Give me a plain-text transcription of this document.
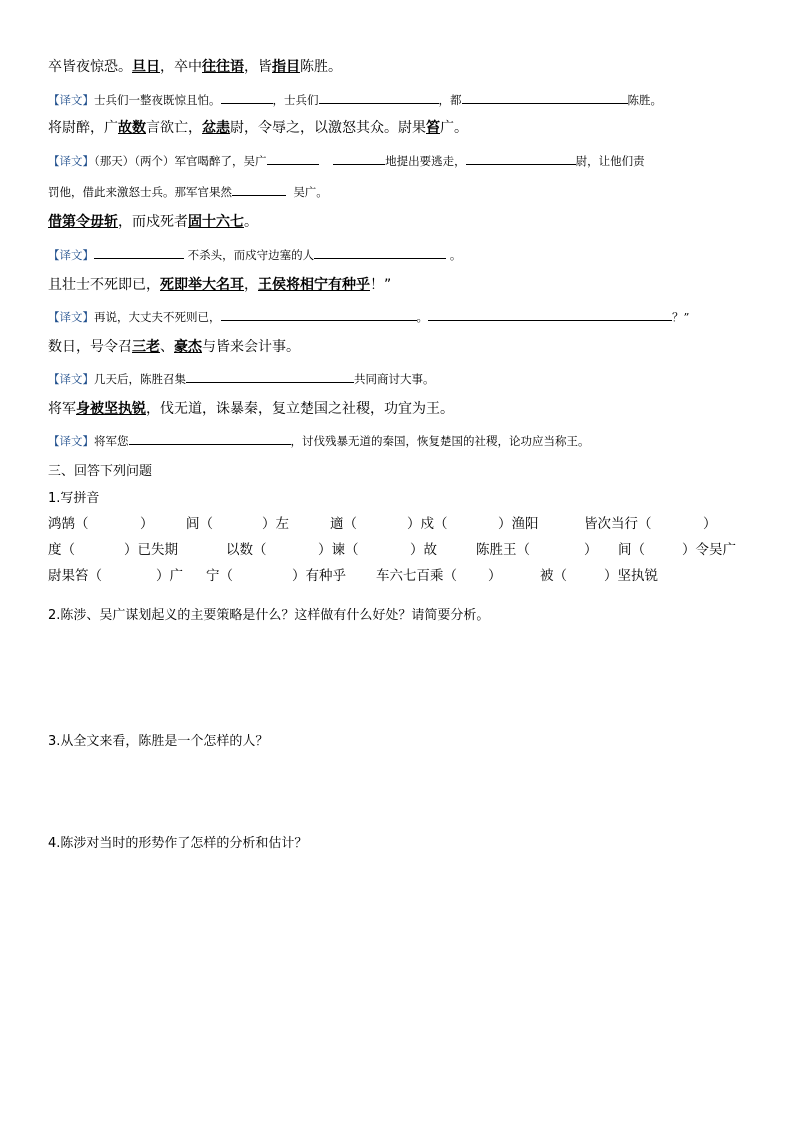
卒皆夜惊恐。旦日，卒中往往语，皆指目陈胜。
【译文】士兵们一整夜既惊且怕。	，士兵们	，都	陈胜。
将尉醉，广故数言欲亡，忿恚尉，令辱之，以激怒其众。尉果笞广。
【译文】（那天）（两个）军官喝醉了，吴广	地提出要逃走，	尉，让他们责
罚他，借此来激怒士兵。那军官果然	吴广。
借第令毋斩，而戍死者固十六七。
【译文】	不杀头，而戍守边塞的人	。
且壮士不死即已，死即举大名耳，王侯将相宁有种乎！”
【译文】再说，大丈夫不死则已，	。	？”
数日，号令召三老、豪杰与皆来会计事。
【译文】几天后，陈胜召集	共同商讨大事。
将军身被坚执锐，伐无道，诛暴秦，复立楚国之社稷，功宜为王。
【译文】将军您	，讨伐残暴无道的秦国，恢复楚国的社稷，论功应当称王。
三、回答下列问题
1.写拼音
鸿鹄（	） 闾（	）左	適（	）戍（	）渔阳	皆次当行（	）
度（	）已失期	以数（	）谏（	）故	陈胜王（	） 间（	）令吴广
尉果笞（	）广 宁（	）有种乎 车六七百乘（ ）	被（	）坚执锐
2.陈涉、吴广谋划起义的主要策略是什么？这样做有什么好处？请简要分析。
3.从全文来看，陈胜是一个怎样的人？
4.陈涉对当时的形势作了怎样的分析和估计？
